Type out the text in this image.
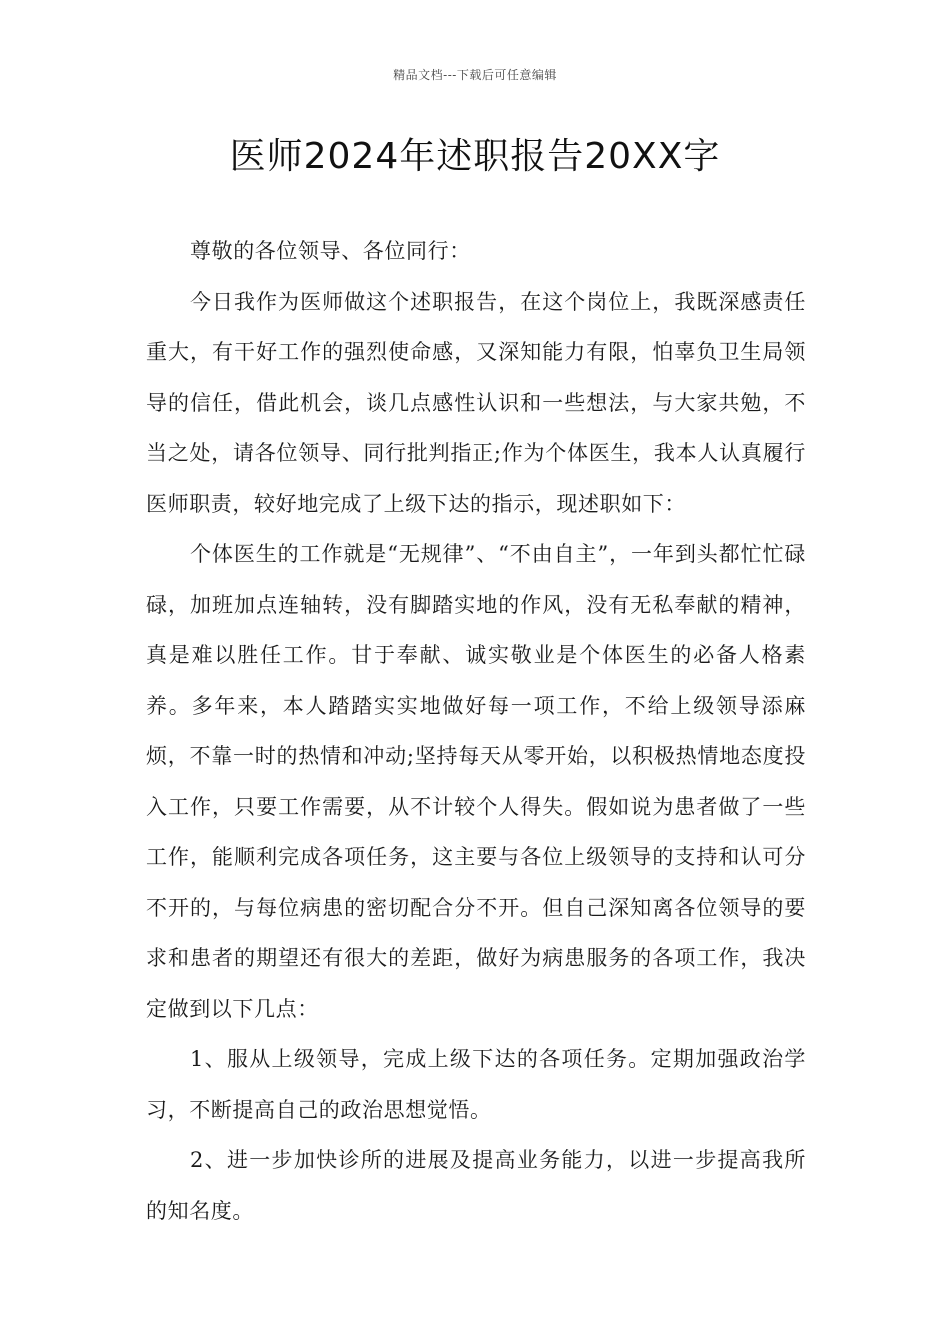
精品文档---下载后可任意编辑
医师2024年述职报告20XX字

尊敬的各位领导、各位同行：

今日我作为医师做这个述职报告，在这个岗位上，我既深感责任重大，有干好工作的强烈使命感，又深知能力有限，怕辜负卫生局领导的信任，借此机会，谈几点感性认识和一些想法，与大家共勉，不当之处，请各位领导、同行批判指正;作为个体医生，我本人认真履行医师职责，较好地完成了上级下达的指示，现述职如下：

个体医生的工作就是“无规律”、“不由自主”，一年到头都忙忙碌碌，加班加点连轴转，没有脚踏实地的作风，没有无私奉献的精神，真是难以胜任工作。甘于奉献、诚实敬业是个体医生的必备人格素养。多年来，本人踏踏实实地做好每一项工作，不给上级领导添麻烦，不靠一时的热情和冲动;坚持每天从零开始，以积极热情地态度投入工作，只要工作需要，从不计较个人得失。假如说为患者做了一些工作，能顺利完成各项任务，这主要与各位上级领导的支持和认可分不开的，与每位病患的密切配合分不开。但自己深知离各位领导的要求和患者的期望还有很大的差距，做好为病患服务的各项工作，我决定做到以下几点：

1、服从上级领导，完成上级下达的各项任务。定期加强政治学习，不断提高自己的政治思想觉悟。

2、进一步加快诊所的进展及提高业务能力，以进一步提高我所的知名度。
